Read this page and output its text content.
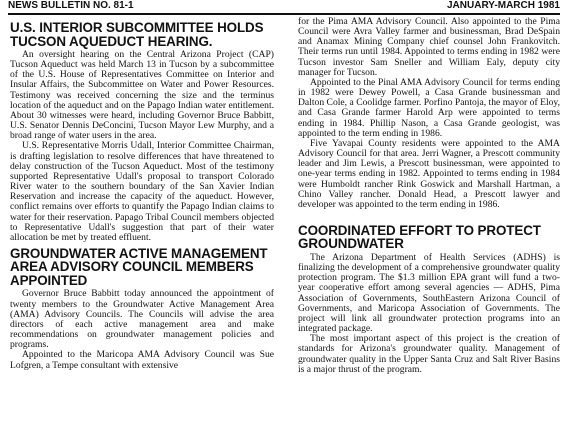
NEWS BULLETIN NO. 81-1	JANUARY-MARCH 1981
U.S. INTERIOR SUBCOMMITTEE HOLDS TUCSON AQUEDUCT HEARING.

An oversight hearing on the Central Arizona Project (CAP) Tucson Aqueduct was held March 13 in Tucson by a subcommittee of the U.S. House of Representatives Committee on Interior and Insular Affairs, the Subcommittee on Water and Power Resources. Testimony was received concerning the size and the terminus location of the aqueduct and on the Papago Indian water entitlement. About 30 witnesses were heard, including Governor Bruce Babbitt, U.S. Senator Dennis DeConcini, Tucson Mayor Lew Murphy, and a broad range of water users in the area.

U.S. Representative Morris Udall, Interior Committee Chairman, is drafting legislation to resolve differences that have threatened to delay construction of the Tucson Aqueduct. Most of the testimony supported Representative Udall's proposal to transport Colorado River water to the southern boundary of the San Xavier Indian Reservation and increase the capacity of the aqueduct. However, conflict remains over efforts to quantify the Papago Indian claims to water for their reservation. Papago Tribal Council members objected to Representative Udall's suggestion that part of their water allocation be met by treated effluent.

GROUNDWATER ACTIVE MANAGEMENT AREA ADVISORY COUNCIL MEMBERS APPOINTED

Governor Bruce Babbitt today announced the appointment of twenty members to the Groundwater Active Management Area (AMA) Advisory Councils. The Councils will advise the area directors of each active management area and make recommendations on groundwater management policies and programs.

Appointed to the Maricopa AMA Advisory Council was Sue Lofgren, a Tempe consultant with extensive

for the Pima AMA Advisory Council. Also appointed to the Pima Council were Avra Valley farmer and businessman, Brad DeSpain and Anamax Mining Company chief counsel John Frankovitch. Their terms run until 1984. Appointed to terms ending in 1982 were Tucson investor Sam Sneller and William Ealy, deputy city manager for Tucson.

Appointed to the Pinal AMA Advisory Council for terms ending in 1982 were Dewey Powell, a Casa Grande businessman and Dalton Cole, a Coolidge farmer. Porfino Pantoja, the mayor of Eloy, and Casa Grande farmer Harold Arp were appointed to terms ending in 1984. Phillip Nason, a Casa Grande geologist, was appointed to the term ending in 1986.

Five Yavapai County residents were appointed to the AMA Advisory Council for that area. Jerri Wagner, a Prescott community leader and Jim Lewis, a Prescott businessman, were appointed to one-year terms ending in 1982. Appointed to terms ending in 1984 were Humboldt rancher Rink Goswick and Marshall Hartman, a Chino Valley rancher. Donald Head, a Prescott lawyer and developer was appointed to the term ending in 1986.

COORDINATED EFFORT TO PROTECT GROUNDWATER

The Arizona Department of Health Services (ADHS) is finalizing the development of a comprehensive groundwater quality protection program. The $1.3 million EPA grant will fund a two-year cooperative effort among several agencies — ADHS, Pima Association of Governments, SouthEastern Arizona Council of Governments, and Maricopa Association of Governments. The project will link all groundwater protection programs into an integrated package.

The most important aspect of this project is the creation of standards for Arizona's groundwater quality. Management of groundwater quality in the Upper Santa Cruz and Salt River Basins is a major thrust of the program.
